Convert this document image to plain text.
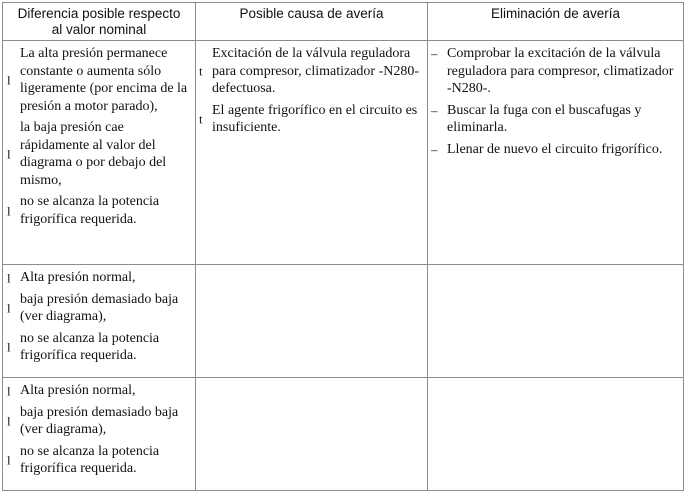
Diferencia posible respecto al valor nominal
Posible causa de avería	Eliminación de avería
l
La alta presión permanece constante o aumenta sólo ligeramente (por encima de la presión a motor parado),
l
la baja presión cae rápidamente al valor del diagrama o por debajo del mismo,
l
no se alcanza la potencia frigorífica requerida.
t
Excitación de la válvula reguladora para compresor, climatizador -N280- defectuosa.
t
El agente frigorífico en el circuito es insuficiente.
– Comprobar la excitación de la válvula reguladora para compresor, climatizador -N280-.
– Buscar la fuga con el buscafugas y eliminarla.
– Llenar de nuevo el circuito frigorífico.
l Alta presión normal,
l
baja presión demasiado baja (ver diagrama),
l
no se alcanza la potencia frigorífica requerida.
l Alta presión normal,
l
baja presión demasiado baja (ver diagrama),
l
no se alcanza la potencia frigorífica requerida.
